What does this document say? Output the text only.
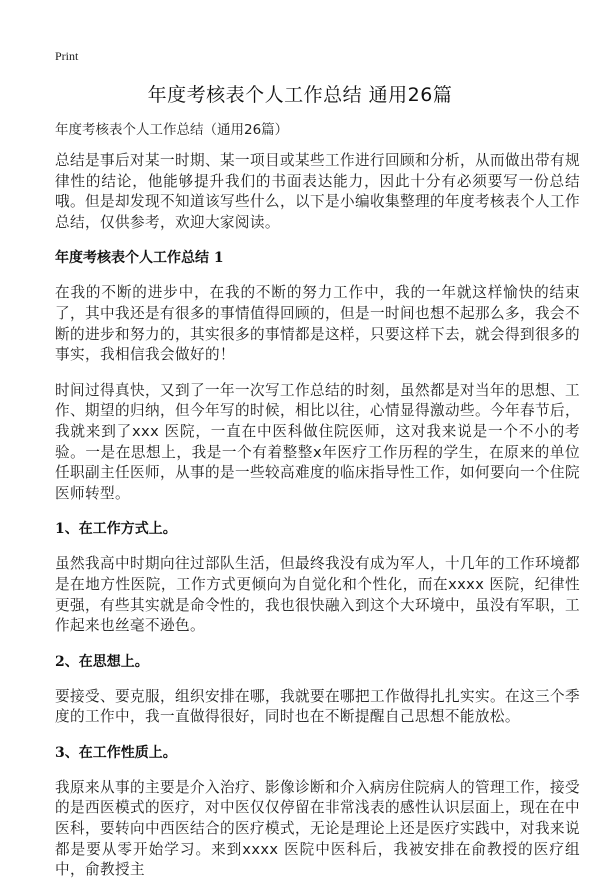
Print
年度考核表个人工作总结 通用26篇

年度考核表个人工作总结（通用26篇）

总结是事后对某一时期、某一项目或某些工作进行回顾和分析，从而做出带有规律性的结论，他能够提升我们的书面表达能力，因此十分有必须要写一份总结哦。但是却发现不知道该写些什么，以下是小编收集整理的年度考核表个人工作总结，仅供参考，欢迎大家阅读。

年度考核表个人工作总结 1

在我的不断的进步中，在我的不断的努力工作中，我的一年就这样愉快的结束了，其中我还是有很多的事情值得回顾的，但是一时间也想不起那么多，我会不断的进步和努力的，其实很多的事情都是这样，只要这样下去，就会得到很多的事实，我相信我会做好的！

时间过得真快，又到了一年一次写工作总结的时刻，虽然都是对当年的思想、工作、期望的归纳，但今年写的时候，相比以往，心情显得激动些。今年春节后，我就来到了xxx 医院，一直在中医科做住院医师，这对我来说是一个不小的考验。一是在思想上，我是一个有着整整x年医疗工作历程的学生，在原来的单位任职副主任医师，从事的是一些较高难度的临床指导性工作，如何要向一个住院医师转型。

1、在工作方式上。

虽然我高中时期向往过部队生活，但最终我没有成为军人，十几年的工作环境都是在地方性医院，工作方式更倾向为自觉化和个性化，而在xxxx 医院，纪律性更强，有些其实就是命令性的，我也很快融入到这个大环境中，虽没有军职，工作起来也丝毫不逊色。

2、在思想上。

要接受、要克服，组织安排在哪，我就要在哪把工作做得扎扎实实。在这三个季度的工作中，我一直做得很好，同时也在不断提醒自己思想不能放松。

3、在工作性质上。

我原来从事的主要是介入治疗、影像诊断和介入病房住院病人的管理工作，接受的是西医模式的医疗，对中医仅仅停留在非常浅表的感性认识层面上，现在在中医科，要转向中西医结合的医疗模式，无论是理论上还是医疗实践中，对我来说都是要从零开始学习。来到xxxx 医院中医科后，我被安排在俞教授的医疗组中，俞教授主
